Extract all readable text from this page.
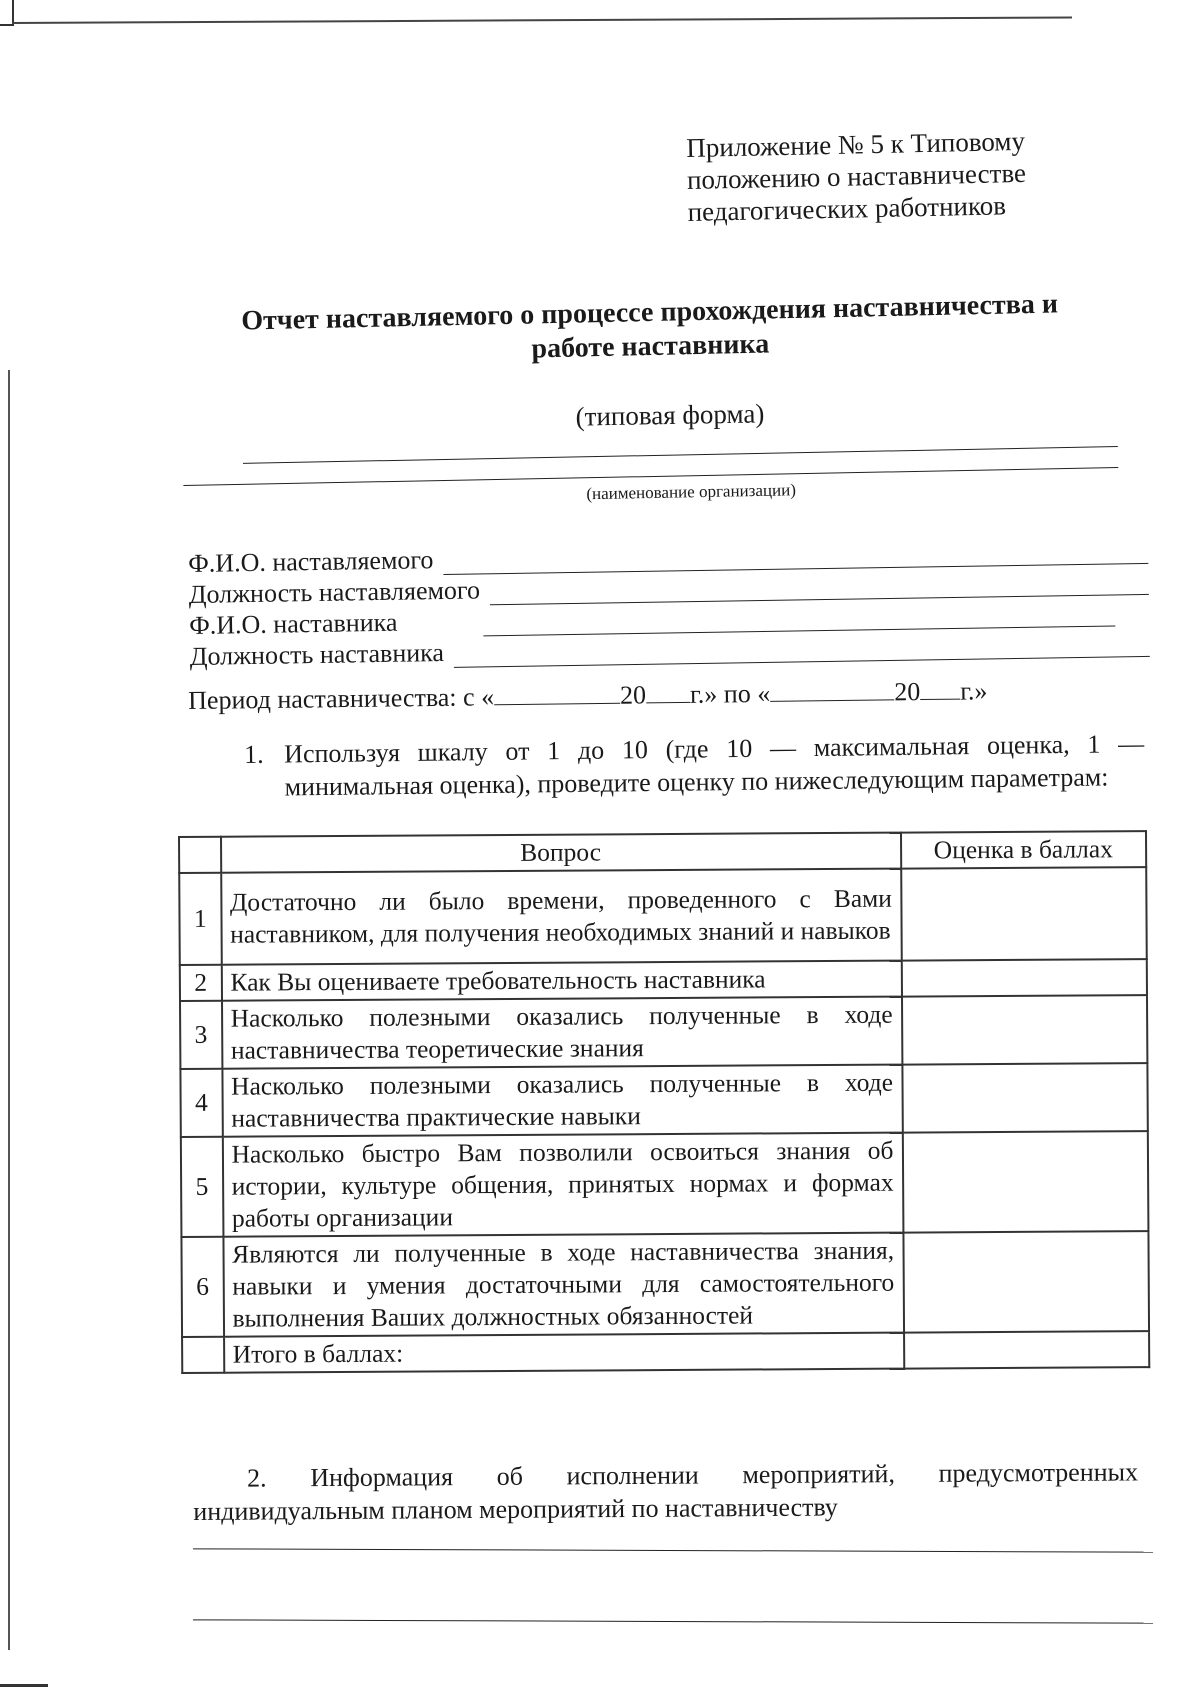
Приложение № 5 к Типовому
положению о наставничестве
педагогических работников
Отчет наставляемого о процессе прохождения наставничества и
работе наставника
(типовая форма)
(наименование организации)
Ф.И.О. наставляемого
Должность наставляемого
Ф.И.О. наставника
Должность наставника
Период наставничества: с «	20 г.» по «	20 г.»
1. Используя шкалу от 1 до 10 (где 10 — максимальная оценка, 1 — минимальная оценка), проведите оценку по нижеследующим параметрам:
	Вопрос	Оценка в баллах
1	Достаточно ли было времени, проведенного с Вами наставником, для получения необходимых знаний и навыков	
2	Как Вы оцениваете требовательность наставника	
3	Насколько полезными оказались полученные в ходе наставничества теоретические знания	
4	Насколько полезными оказались полученные в ходе наставничества практические навыки	
5	Насколько быстро Вам позволили освоиться знания об истории, культуре общения, принятых нормах и формах работы организации	
6	Являются ли полученные в ходе наставничества знания, навыки и умения достаточными для самостоятельного выполнения Ваших должностных обязанностей	
	Итого в баллах:	
2. Информация об исполнении мероприятий, предусмотренных
индивидуальным планом мероприятий по наставничеству
